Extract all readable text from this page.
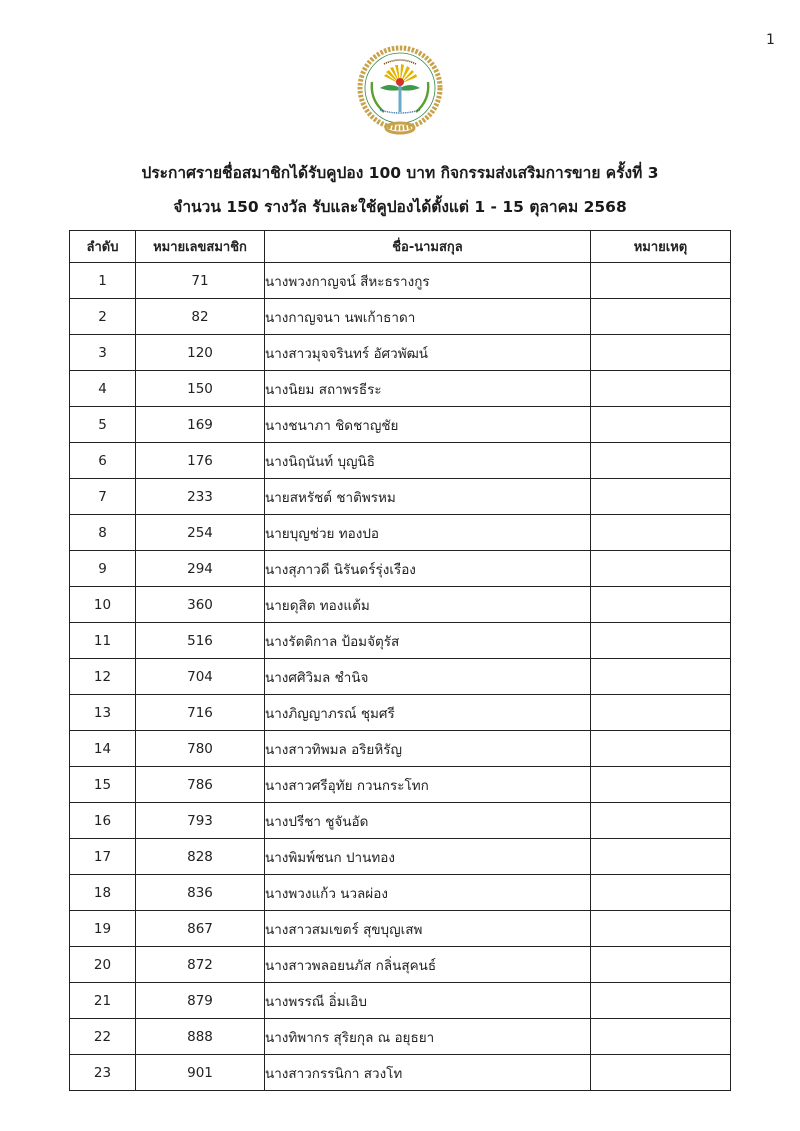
1
ประกาศรายชื่อสมาชิกได้รับคูปอง 100 บาท กิจกรรมส่งเสริมการขาย ครั้งที่ 3
จำนวน 150 รางวัล รับและใช้คูปองได้ตั้งแต่ 1 - 15 ตุลาคม 2568
ลำดับ	หมายเลขสมาชิก	ชื่อ-นามสกุล	หมายเหตุ
1	71	นางพวงกาญจน์ สีหะธรางกูร	
2	82	นางกาญจนา นพเก้าธาดา	
3	120	นางสาวมุจจรินทร์ อัศวพัฒน์	
4	150	นางนิยม สถาพรธีระ	
5	169	นางชนาภา ชิดชาญชัย	
6	176	นางนิฤนันท์ บุญนิธิ	
7	233	นายสหรัชต์ ชาติพรหม	
8	254	นายบุญช่วย ทองปอ	
9	294	นางสุภาวดี นิรันดร์รุ่งเรือง	
10	360	นายดุสิต ทองแต้ม	
11	516	นางรัตติกาล ป้อมจัตุรัส	
12	704	นางศศิวิมล ชำนิจ	
13	716	นางภิญญาภรณ์ ชุมศรี	
14	780	นางสาวทิพมล อริยหิรัญ	
15	786	นางสาวศรีอุทัย กวนกระโทก	
16	793	นางปรีชา ชูจันอัด	
17	828	นางพิมพ์ชนก ปานทอง	
18	836	นางพวงแก้ว นวลผ่อง	
19	867	นางสาวสมเขตร์ สุขบุญเสพ	
20	872	นางสาวพลอยนภัส กลิ่นสุคนธ์	
21	879	นางพรรณี อิ่มเอิบ	
22	888	นางทิพากร สุริยกุล ณ อยุธยา	
23	901	นางสาวกรรนิกา สวงโท	
